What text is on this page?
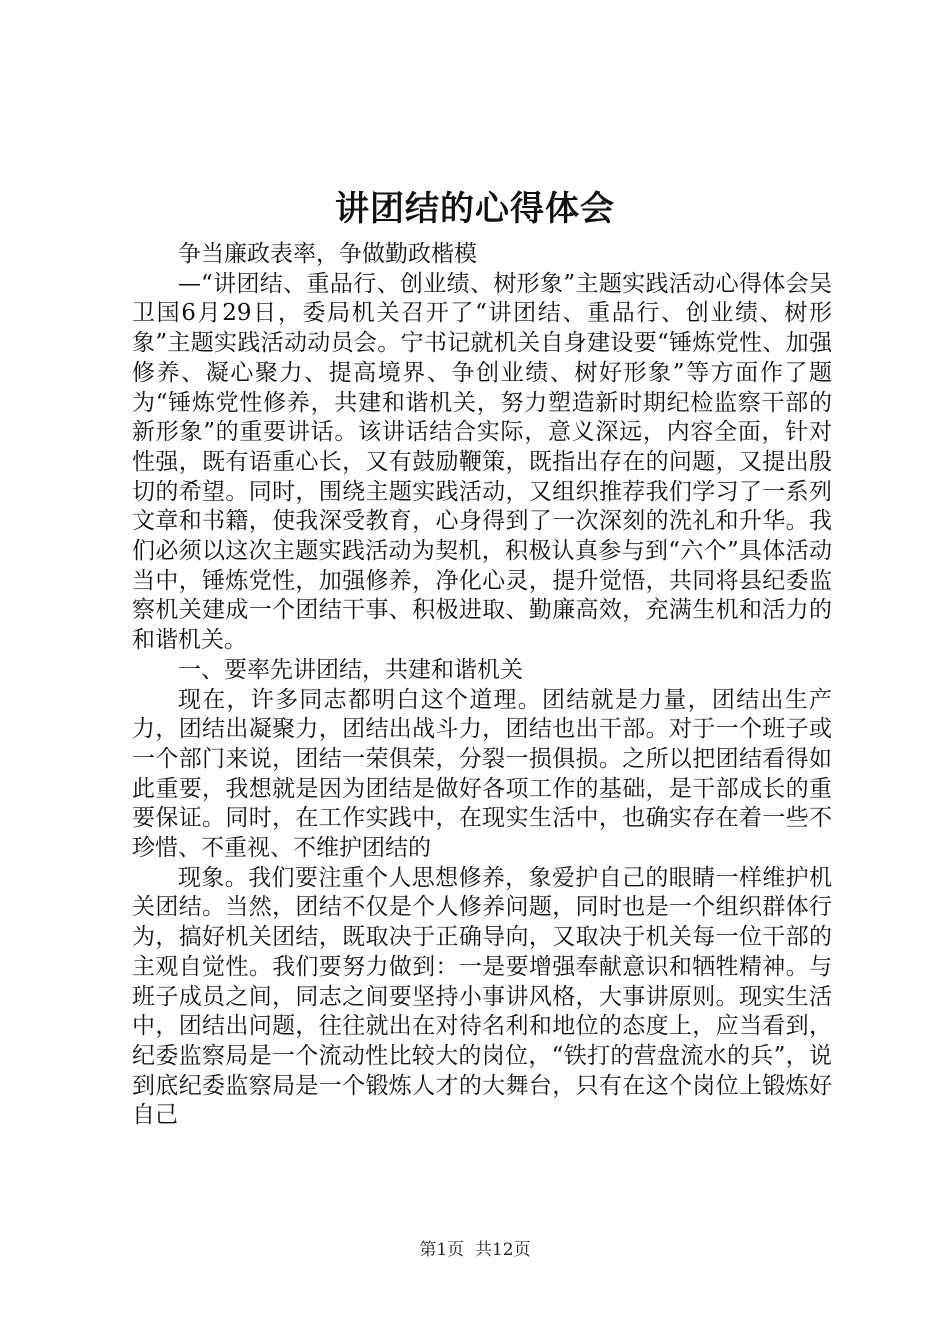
讲团结的心得体会

争当廉政表率，争做勤政楷模

—“讲团结、重品行、创业绩、树形象”主题实践活动心得体会吴卫国6月29日，委局机关召开了“讲团结、重品行、创业绩、树形象”主题实践活动动员会。宁书记就机关自身建设要“锤炼党性、加强修养、凝心聚力、提高境界、争创业绩、树好形象”等方面作了题为“锤炼党性修养，共建和谐机关，努力塑造新时期纪检监察干部的新形象”的重要讲话。该讲话结合实际，意义深远，内容全面，针对性强，既有语重心长，又有鼓励鞭策，既指出存在的问题，又提出殷切的希望。同时，围绕主题实践活动，又组织推荐我们学习了一系列文章和书籍，使我深受教育，心身得到了一次深刻的洗礼和升华。我们必须以这次主题实践活动为契机，积极认真参与到“六个”具体活动当中，锤炼党性，加强修养，净化心灵，提升觉悟，共同将县纪委监察机关建成一个团结干事、积极进取、勤廉高效，充满生机和活力的和谐机关。

一、要率先讲团结，共建和谐机关

现在，许多同志都明白这个道理。团结就是力量，团结出生产力，团结出凝聚力，团结出战斗力，团结也出干部。对于一个班子或一个部门来说，团结一荣俱荣，分裂一损俱损。之所以把团结看得如此重要，我想就是因为团结是做好各项工作的基础，是干部成长的重要保证。同时，在工作实践中，在现实生活中，也确实存在着一些不珍惜、不重视、不维护团结的

现象。我们要注重个人思想修养，象爱护自己的眼睛一样维护机关团结。当然，团结不仅是个人修养问题，同时也是一个组织群体行为，搞好机关团结，既取决于正确导向，又取决于机关每一位干部的主观自觉性。我们要努力做到：一是要增强奉献意识和牺牲精神。与班子成员之间，同志之间要坚持小事讲风格，大事讲原则。现实生活中，团结出问题，往往就出在对待名利和地位的态度上，应当看到，纪委监察局是一个流动性比较大的岗位，“铁打的营盘流水的兵”，说到底纪委监察局是一个锻炼人才的大舞台，只有在这个岗位上锻炼好自己

第1页  共12页
